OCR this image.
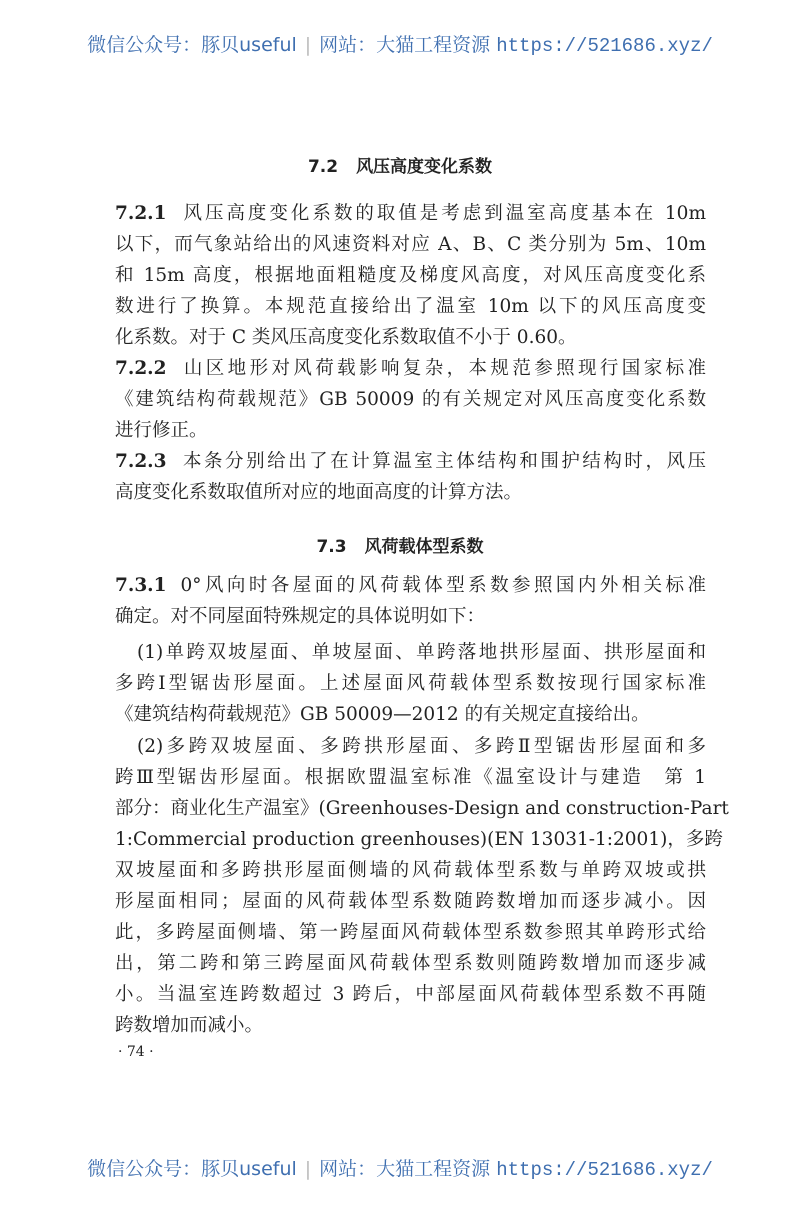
微信公众号：豚贝useful | 网站：大猫工程资源 https://521686.xyz/
7.2 风压高度变化系数
7.2.1 风压高度变化系数的取值是考虑到温室高度基本在 10m
以下，而气象站给出的风速资料对应 A、B、C 类分别为 5m、10m
和 15m 高度，根据地面粗糙度及梯度风高度，对风压高度变化系
数进行了换算。本规范直接给出了温室 10m 以下的风压高度变
化系数。对于 C 类风压高度变化系数取值不小于 0.60。
7.2.2 山区地形对风荷载影响复杂，本规范参照现行国家标准
《建筑结构荷载规范》GB 50009 的有关规定对风压高度变化系数
进行修正。
7.2.3 本条分别给出了在计算温室主体结构和围护结构时，风压
高度变化系数取值所对应的地面高度的计算方法。
7.3 风荷载体型系数
7.3.1 0°风向时各屋面的风荷载体型系数参照国内外相关标准
确定。对不同屋面特殊规定的具体说明如下：
(1)单跨双坡屋面、单坡屋面、单跨落地拱形屋面、拱形屋面和
多跨Ⅰ型锯齿形屋面。上述屋面风荷载体型系数按现行国家标准
《建筑结构荷载规范》GB 50009—2012 的有关规定直接给出。
(2)多跨双坡屋面、多跨拱形屋面、多跨Ⅱ型锯齿形屋面和多
跨Ⅲ型锯齿形屋面。根据欧盟温室标准《温室设计与建造　第 1
部分：商业化生产温室》(Greenhouses-Design and construction-Part
1:Commercial production greenhouses)(EN 13031-1:2001)，多跨
双坡屋面和多跨拱形屋面侧墙的风荷载体型系数与单跨双坡或拱
形屋面相同；屋面的风荷载体型系数随跨数增加而逐步减小。因
此，多跨屋面侧墙、第一跨屋面风荷载体型系数参照其单跨形式给
出，第二跨和第三跨屋面风荷载体型系数则随跨数增加而逐步减
小。当温室连跨数超过 3 跨后，中部屋面风荷载体型系数不再随
跨数增加而减小。
· 74 ·
微信公众号：豚贝useful | 网站：大猫工程资源 https://521686.xyz/
